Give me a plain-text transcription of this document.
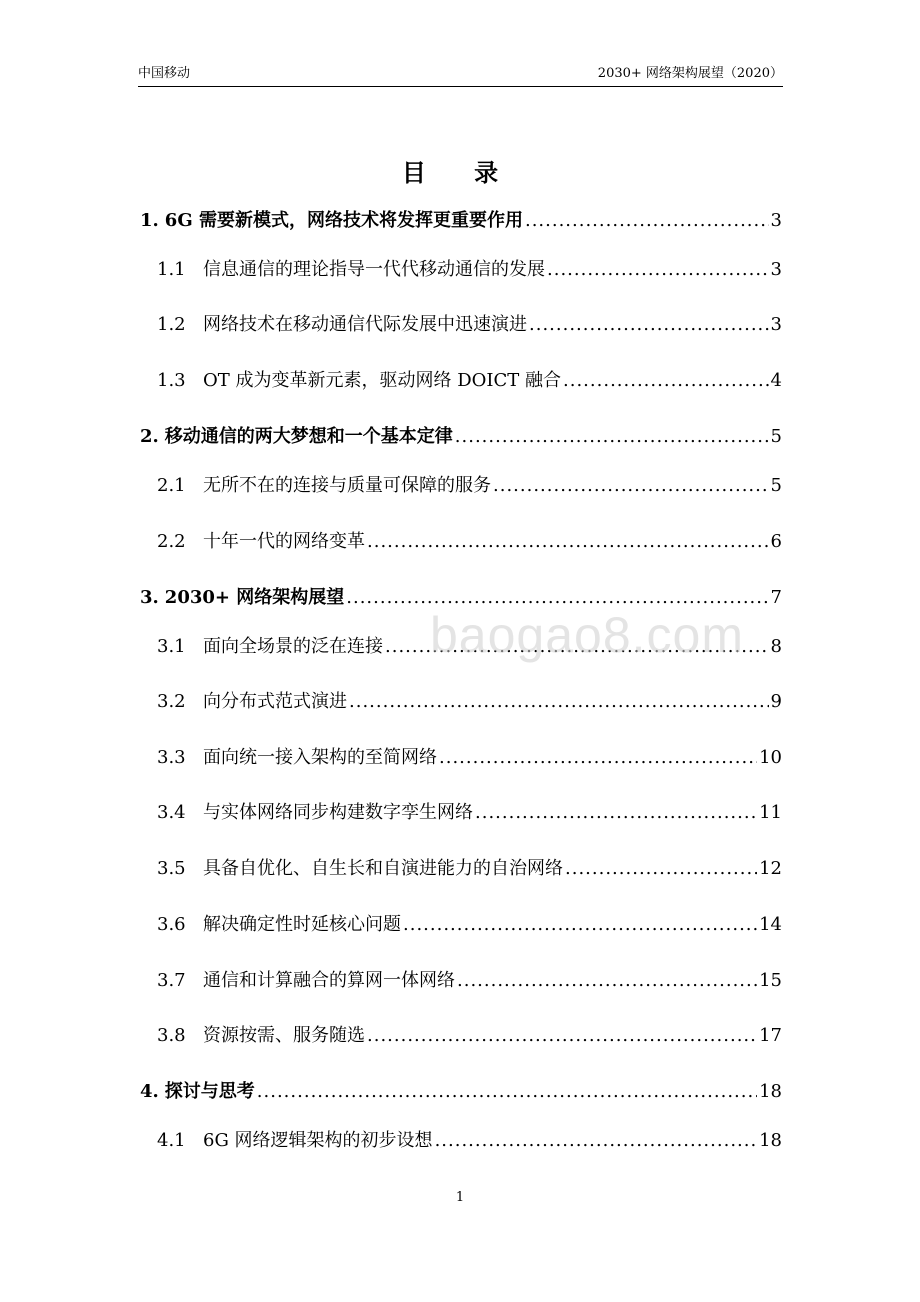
中国移动	2030+ 网络架构展望（2020）
目 录
1. 6G 需要新模式，网络技术将发挥更重要作用 .....	3
1.1 信息通信的理论指导一代代移动通信的发展 .....	3
1.2 网络技术在移动通信代际发展中迅速演进 .....	3
1.3 OT 成为变革新元素，驱动网络 DOICT 融合 .....	4
2. 移动通信的两大梦想和一个基本定律 .....	5
2.1 无所不在的连接与质量可保障的服务 .....	5
2.2 十年一代的网络变革 .....	6
3. 2030+ 网络架构展望 .....	7
3.1 面向全场景的泛在连接 .....	8
3.2 向分布式范式演进 .....	9
3.3 面向统一接入架构的至简网络 .....	10
3.4 与实体网络同步构建数字孪生网络 .....	11
3.5 具备自优化、自生长和自演进能力的自治网络 .....	12
3.6 解决确定性时延核心问题 .....	14
3.7 通信和计算融合的算网一体网络 .....	15
3.8 资源按需、服务随选 .....	17
4. 探讨与思考 .....	18
4.1 6G 网络逻辑架构的初步设想 .....	18
baogao8.com
1
